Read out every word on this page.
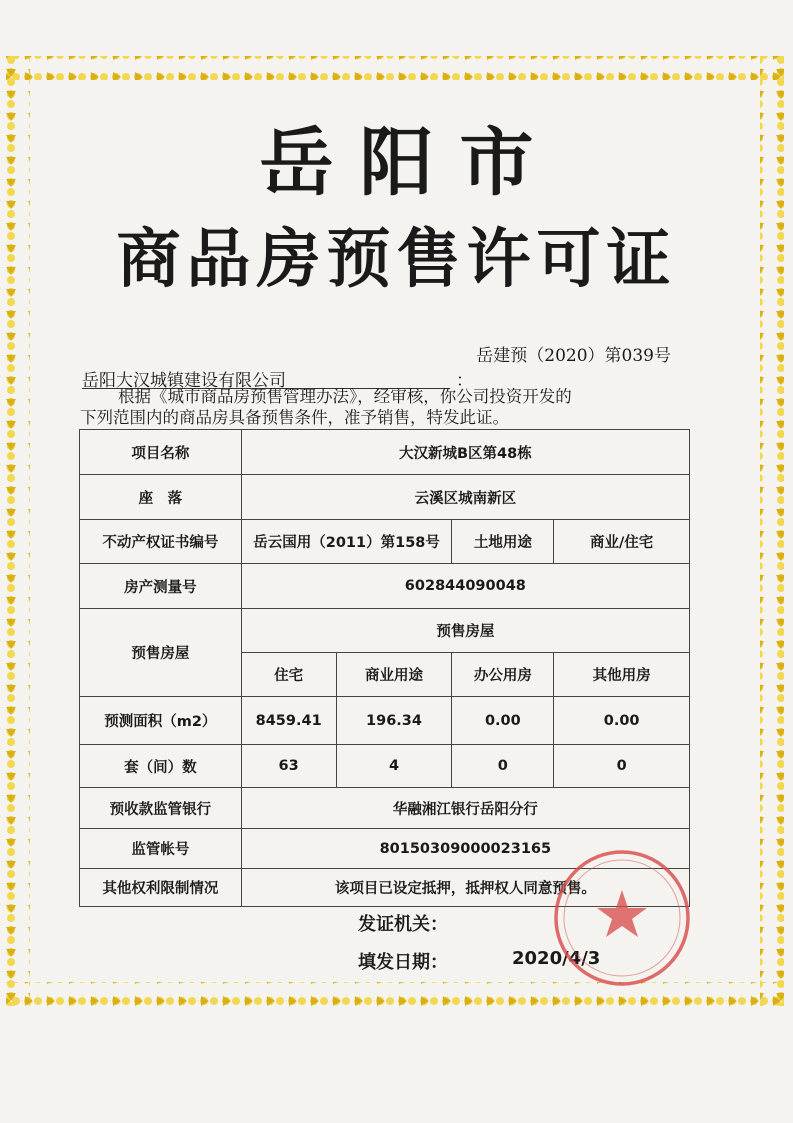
岳阳市
商品房预售许可证
岳建预（2020）第039号
岳阳大汉城镇建设有限公司	：
根据《城市商品房预售管理办法》，经审核，你公司投资开发的
下列范围内的商品房具备预售条件，准予销售，特发此证。
项目名称	大汉新城B区第48栋			
座　落	云溪区城南新区			
不动产权证书编号	岳云国用（2011）第158号		土地用途	商业/住宅
房产测量号	602844090048			
预售房屋	预售房屋			
	住宅	商业用途	办公用房	其他用房
预测面积（m2）	8459.41	196.34	0.00	0.00
套（间）数	63	4	0	0
预收款监管银行	华融湘江银行岳阳分行			
监管帐号	80150309000023165			
其他权利限制情况	该项目已设定抵押，抵押权人同意预售。			
发证机关：
填发日期：	2020/4/3
